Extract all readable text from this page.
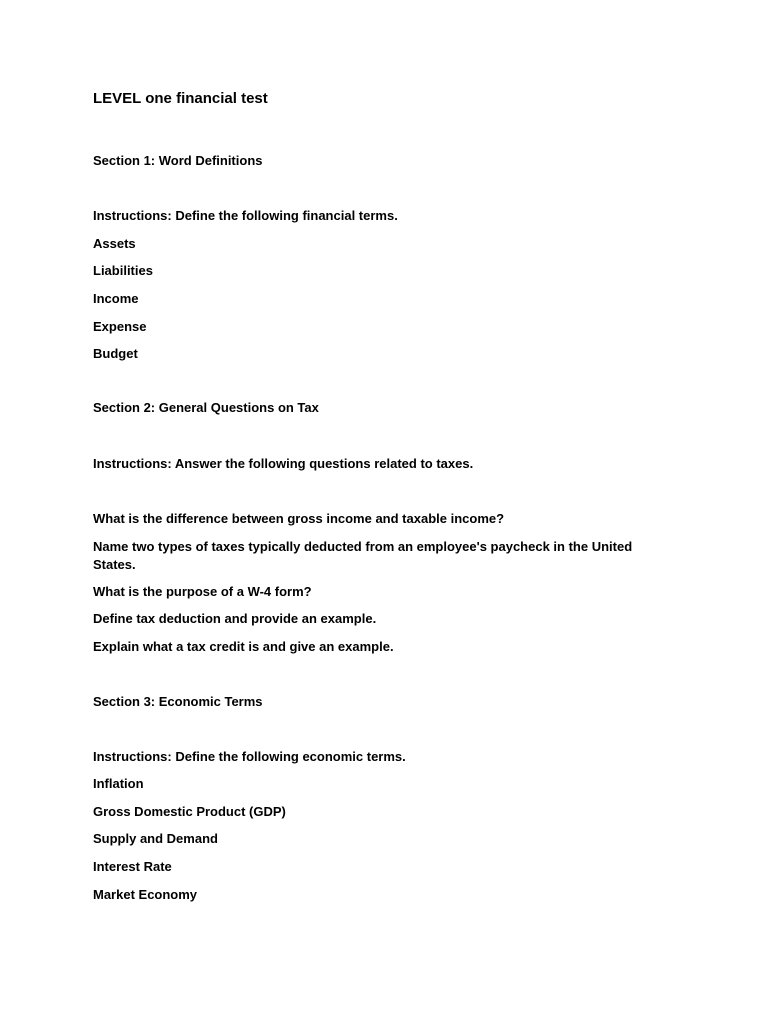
LEVEL one financial test
Section 1: Word Definitions
Instructions: Define the following financial terms.
Assets
Liabilities
Income
Expense
Budget
Section 2: General Questions on Tax
Instructions: Answer the following questions related to taxes.
What is the difference between gross income and taxable income?
Name two types of taxes typically deducted from an employee's paycheck in the United States.
What is the purpose of a W-4 form?
Define tax deduction and provide an example.
Explain what a tax credit is and give an example.
Section 3: Economic Terms
Instructions: Define the following economic terms.
Inflation
Gross Domestic Product (GDP)
Supply and Demand
Interest Rate
Market Economy
